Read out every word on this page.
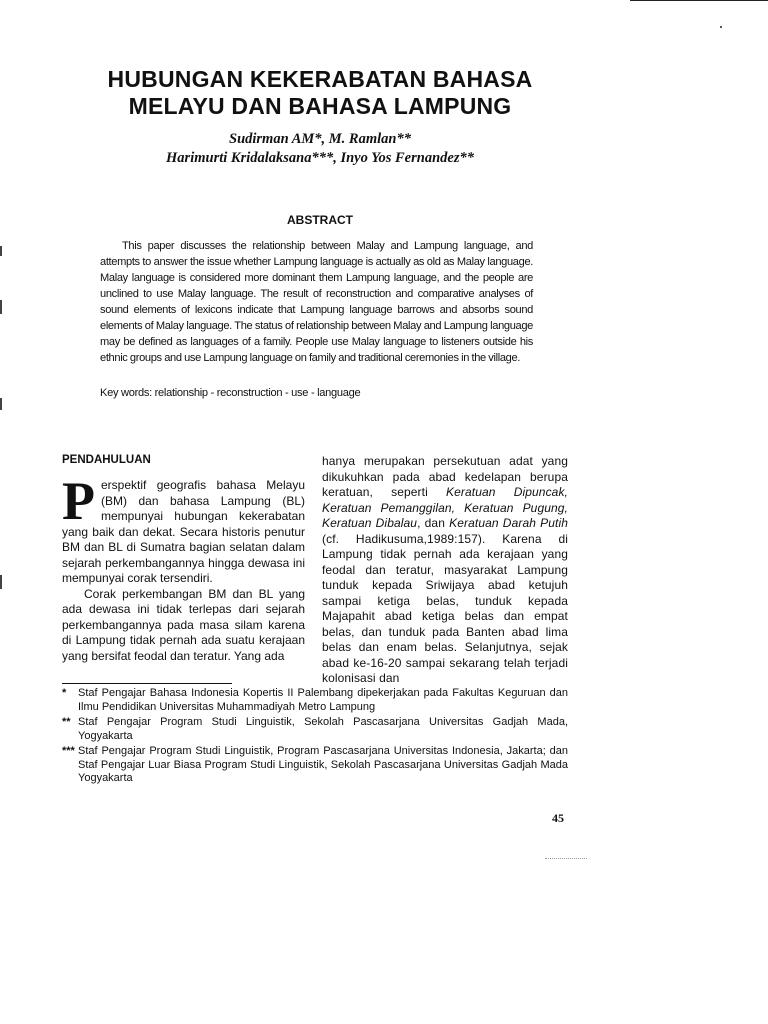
HUBUNGAN KEKERABATAN BAHASA MELAYU DAN BAHASA LAMPUNG
Sudirman AM*, M. Ramlan**
Harimurti Kridalaksana***, Inyo Yos Fernandez**
ABSTRACT

This paper discusses the relationship between Malay and Lampung language, and attempts to answer the issue whether Lampung language is actually as old as Malay language. Malay language is considered more dominant them Lampung language, and the people are unclined to use Malay language. The result of reconstruction and comparative analyses of sound elements of lexicons indicate that Lampung language barrows and absorbs sound elements of Malay language. The status of relationship between Malay and Lampung language may be defined as languages of a family. People use Malay language to listeners outside his ethnic groups and use Lampung language on family and traditional ceremonies in the village.

Key words: relationship - reconstruction - use - language
PENDAHULUAN

Perspektif geografis bahasa Melayu (BM) dan bahasa Lampung (BL) mempunyai hubungan kekerabatan yang baik dan dekat. Secara historis penutur BM dan BL di Sumatra bagian selatan dalam sejarah perkembangannya hingga dewasa ini mempunyai corak tersendiri.

Corak perkembangan BM dan BL yang ada dewasa ini tidak terlepas dari sejarah perkembangannya pada masa silam karena di Lampung tidak pernah ada suatu kerajaan yang bersifat feodal dan teratur. Yang ada

hanya merupakan persekutuan adat yang dikukuhkan pada abad kedelapan berupa keratuan, seperti Keratuan Dipuncak, Keratuan Pemanggilan, Keratuan Pugung, Keratuan Dibalau, dan Keratuan Darah Putih (cf. Hadikusuma,1989:157). Karena di Lampung tidak pernah ada kerajaan yang feodal dan teratur, masyarakat Lampung tunduk kepada Sriwijaya abad ketujuh sampai ketiga belas, tunduk kepada Majapahit abad ketiga belas dan empat belas, dan tunduk pada Banten abad lima belas dan enam belas. Selanjutnya, sejak abad ke-16-20 sampai sekarang telah terjadi kolonisasi dan

* Staf Pengajar Bahasa Indonesia Kopertis II Palembang dipekerjakan pada Fakultas Keguruan dan Ilmu Pendidikan Universitas Muhammadiyah Metro Lampung
** Staf Pengajar Program Studi Linguistik, Sekolah Pascasarjana Universitas Gadjah Mada, Yogyakarta
*** Staf Pengajar Program Studi Linguistik, Program Pascasarjana Universitas Indonesia, Jakarta; dan Staf Pengajar Luar Biasa Program Studi Linguistik, Sekolah Pascasarjana Universitas Gadjah Mada Yogyakarta
45
